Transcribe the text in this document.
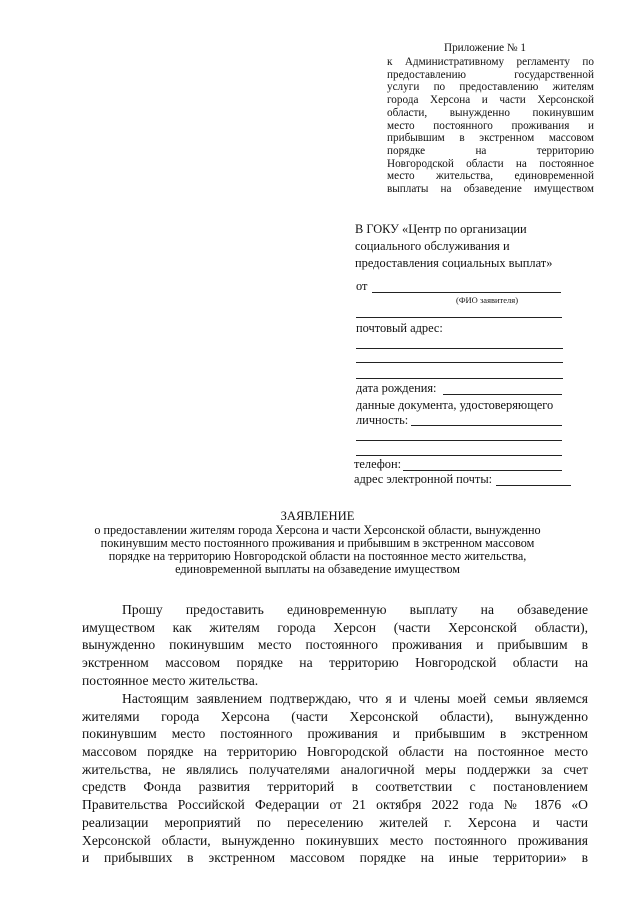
Приложение № 1
к Административному регламенту по
предоставлению государственной
услуги по предоставлению жителям
города Херсона и части Херсонской
области, вынужденно покинувшим
место постоянного проживания и
прибывшим в экстренном массовом
порядке на территорию
Новгородской области на постоянное
место жительства, единовременной
выплаты на обзаведение имуществом
В ГОКУ «Центр по организации
социального обслуживания и
предоставления социальных выплат»
от
(ФИО заявителя)
почтовый адрес:
дата рождения:
данные документа, удостоверяющего
личность:
телефон:
адрес электронной почты:
ЗАЯВЛЕНИЕ
о предоставлении жителям города Херсона и части Херсонской области, вынужденно
покинувшим место постоянного проживания и прибывшим в экстренном массовом
порядке на территорию Новгородской области на постоянное место жительства,
единовременной выплаты на обзаведение имуществом
Прошу предоставить единовременную выплату на обзаведение
имуществом как жителям города Херсон (части Херсонской области),
вынужденно покинувшим место постоянного проживания и прибывшим в
экстренном массовом порядке на территорию Новгородской области на
постоянное место жительства.
Настоящим заявлением подтверждаю, что я и члены моей семьи являемся
жителями города Херсона (части Херсонской области), вынужденно
покинувшим место постоянного проживания и прибывшим в экстренном
массовом порядке на территорию Новгородской области на постоянное место
жительства, не являлись получателями аналогичной меры поддержки за счет
средств Фонда развития территорий в соответствии с постановлением
Правительства Российской Федерации от 21 октября 2022 года № 1876 «О
реализации мероприятий по переселению жителей г. Херсона и части
Херсонской области, вынужденно покинувших место постоянного проживания
и прибывших в экстренном массовом порядке на иные территории» в
